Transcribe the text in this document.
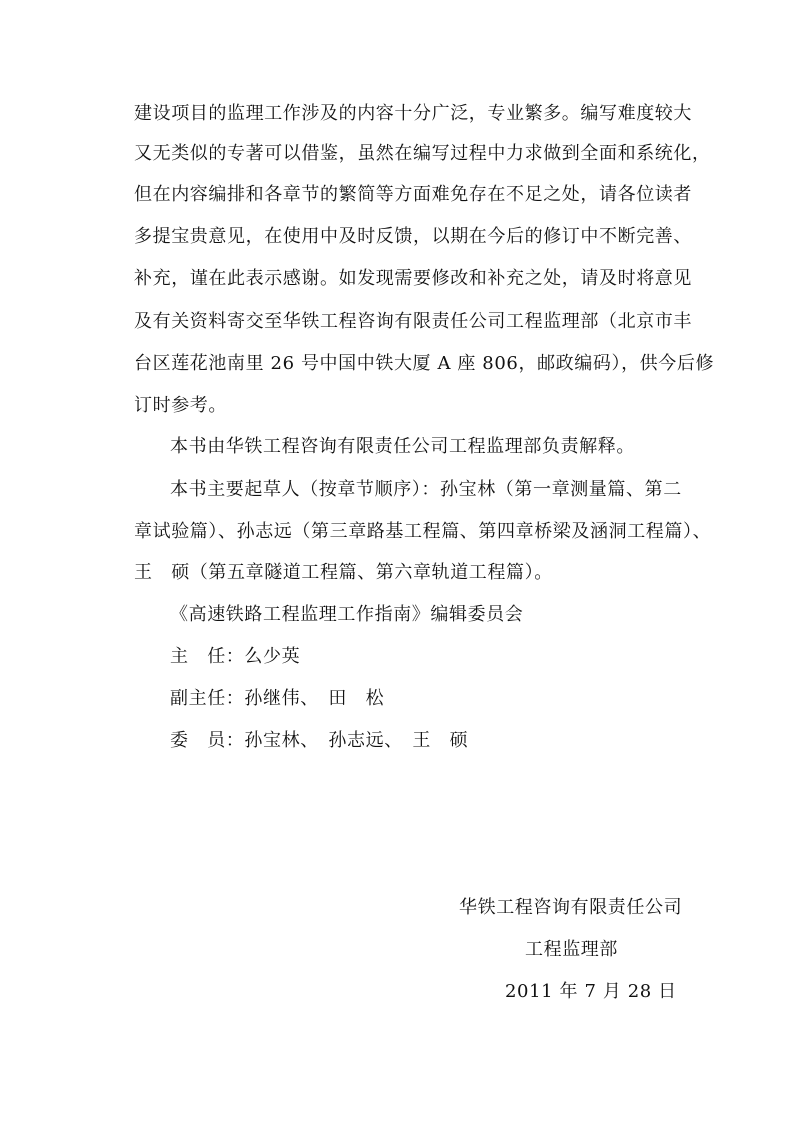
建设项目的监理工作涉及的内容十分广泛，专业繁多。编写难度较大
又无类似的专著可以借鉴，虽然在编写过程中力求做到全面和系统化，
但在内容编排和各章节的繁简等方面难免存在不足之处，请各位读者
多提宝贵意见，在使用中及时反馈，以期在今后的修订中不断完善、
补充，谨在此表示感谢。如发现需要修改和补充之处，请及时将意见
及有关资料寄交至华铁工程咨询有限责任公司工程监理部（北京市丰
台区莲花池南里 26 号中国中铁大厦 A 座 806，邮政编码），供今后修
订时参考。
本书由华铁工程咨询有限责任公司工程监理部负责解释。
本书主要起草人（按章节顺序）：孙宝林（第一章测量篇、第二
章试验篇）、孙志远（第三章路基工程篇、第四章桥梁及涵洞工程篇）、
王　硕（第五章隧道工程篇、第六章轨道工程篇）。
《高速铁路工程监理工作指南》编辑委员会
主　任：么少英
副主任：孙继伟、　田　松
委　员：孙宝林、　孙志远、　王　硕
华铁工程咨询有限责任公司
工程监理部
2011 年 7 月 28 日
